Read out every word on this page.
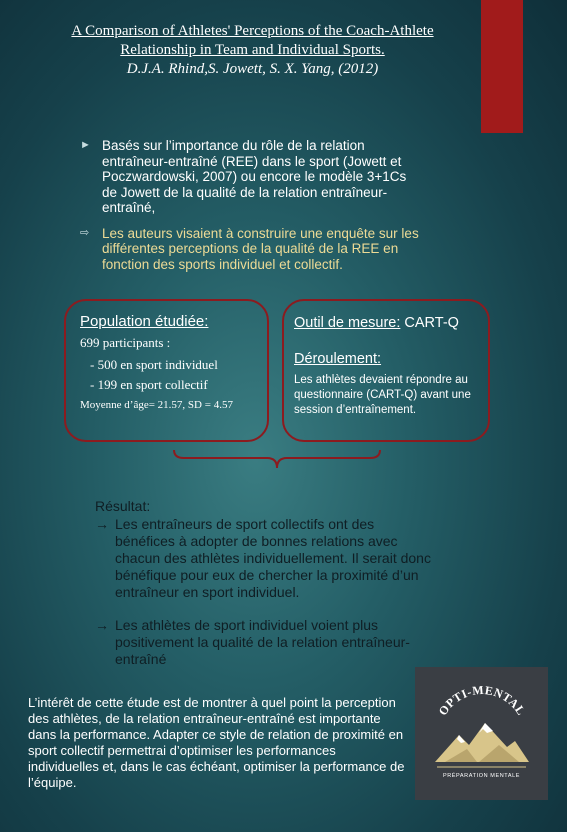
A Comparison of Athletes' Perceptions of the Coach-Athlete Relationship in Team and Individual Sports.
D.J.A. Rhind,S. Jowett, S. X. Yang, (2012)
► Basés sur l’importance du rôle de la relation entraîneur-entraîné (REE) dans le sport (Jowett et Poczwardowski, 2007) ou encore le modèle 3+1Cs de Jowett de la qualité de la relation entraîneur-entraîné,
⇨ Les auteurs visaient à construire une enquête sur les différentes perceptions de la qualité de la REE en fonction des sports individuel et collectif.
Population étudiée:
699 participants :
- 500 en sport individuel
- 199 en sport collectif
Moyenne d’âge= 21.57, SD = 4.57
Outil de mesure: CART-Q
Déroulement:
Les athlètes devaient répondre au questionnaire (CART-Q) avant une session d’entraînement.
Résultat:
→ Les entraîneurs de sport collectifs ont des bénéfices à adopter de bonnes relations avec chacun des athlètes individuellement. Il serait donc bénéfique pour eux de chercher la proximité d’un entraîneur en sport individuel.
→ Les athlètes de sport individuel voient plus positivement la qualité de la relation entraîneur-entraîné
L’intérêt de cette étude est de montrer à quel point la perception des athlètes, de la relation entraîneur-entraîné est importante dans la performance. Adapter ce style de relation de proximité en sport collectif permettrai d’optimiser les performances individuelles et, dans le cas échéant, optimiser la performance de l’équipe.
OPTI-MENTAL
PRÉPARATION MENTALE
